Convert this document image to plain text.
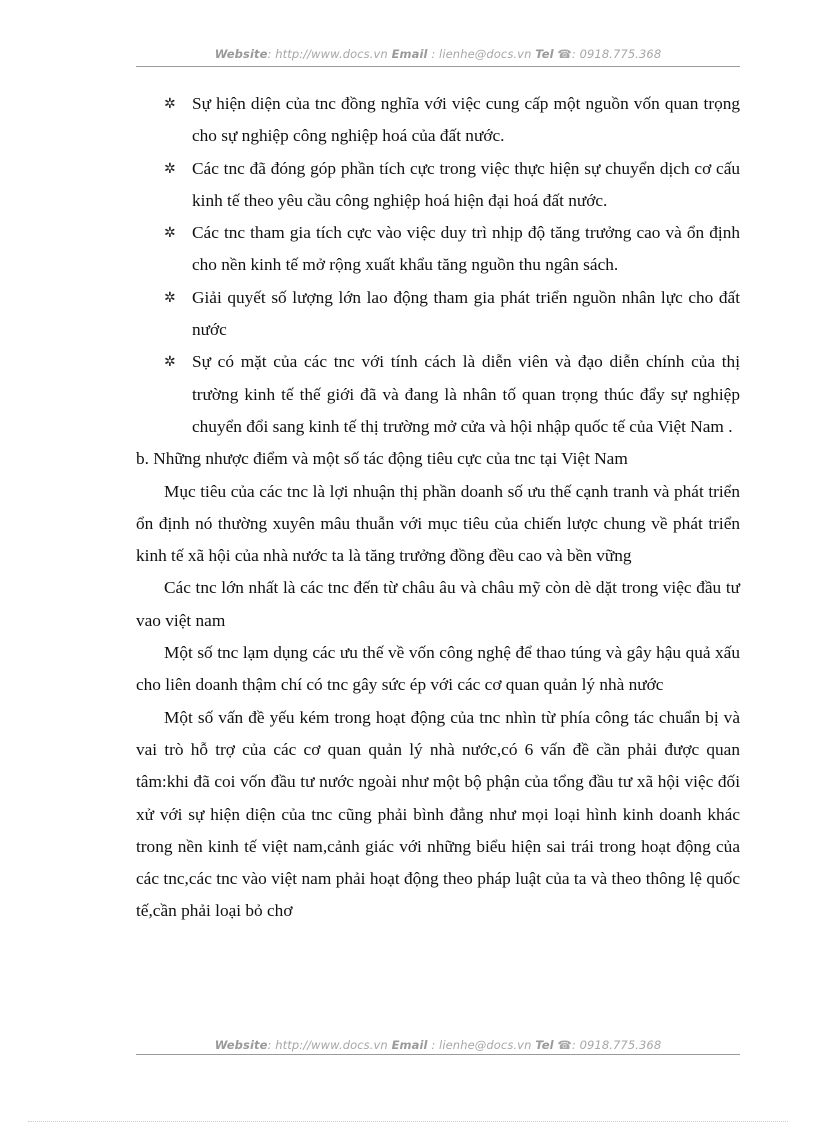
Website: http://www.docs.vn Email : lienhe@docs.vn Tel ☎: 0918.775.368
✲ Sự hiện diện của tnc đồng nghĩa với việc cung cấp một nguồn vốn quan trọng cho sự nghiệp công nghiệp hoá của đất nước.
✲ Các tnc đã đóng góp phần tích cực trong việc thực hiện sự chuyển dịch cơ cấu kinh tế theo yêu cầu công nghiệp hoá hiện đại hoá đất nước.
✲ Các tnc tham gia tích cực vào việc duy trì nhịp độ tăng trưởng cao và ổn định cho nền kinh tế mở rộng xuất khẩu tăng nguồn thu ngân sách.
✲ Giải quyết số lượng lớn lao động tham gia phát triển nguồn nhân lực cho đất nước
✲ Sự có mặt của các tnc với tính cách là diễn viên và đạo diễn chính của thị trường kinh tế thế giới đã và đang là nhân tố quan trọng thúc đẩy sự nghiệp chuyển đổi sang kinh tế thị trường mở cửa và hội nhập quốc tế của Việt Nam .
b. Những nhược điểm và một số tác động tiêu cực của tnc tại Việt Nam
Mục tiêu của các tnc là lợi nhuận thị phần doanh số ưu thế cạnh tranh và phát triển ổn định nó thường xuyên mâu thuẫn với mục tiêu của chiến lược chung về phát triển kinh tế xã hội của nhà nước ta là tăng trưởng đồng đều cao và bền vững
Các tnc lớn nhất là các tnc đến từ châu âu và châu mỹ còn dè dặt trong việc đầu tư vao việt nam
Một số tnc lạm dụng các ưu thế về vốn công nghệ để thao túng và gây hậu quả xấu cho liên doanh thậm chí có tnc gây sức ép với các cơ quan quản lý nhà nước
Một số vấn đề yếu kém trong hoạt động của tnc nhìn từ phía công tác chuẩn bị và vai trò hỗ trợ của các cơ quan quản lý nhà nước,có 6 vấn đề cần phải được quan tâm:khi đã coi vốn đầu tư nước ngoài như một bộ phận của tổng đầu tư xã hội việc đối xử với sự hiện diện của tnc cũng phải bình đẳng như mọi loại hình kinh doanh khác trong nền kinh tế việt nam,cảnh giác với những biểu hiện sai trái trong hoạt động của các tnc,các tnc vào việt nam phải hoạt động theo pháp luật của ta và theo thông lệ quốc tế,cần phải loại bỏ chơ
Website: http://www.docs.vn Email : lienhe@docs.vn Tel ☎: 0918.775.368
